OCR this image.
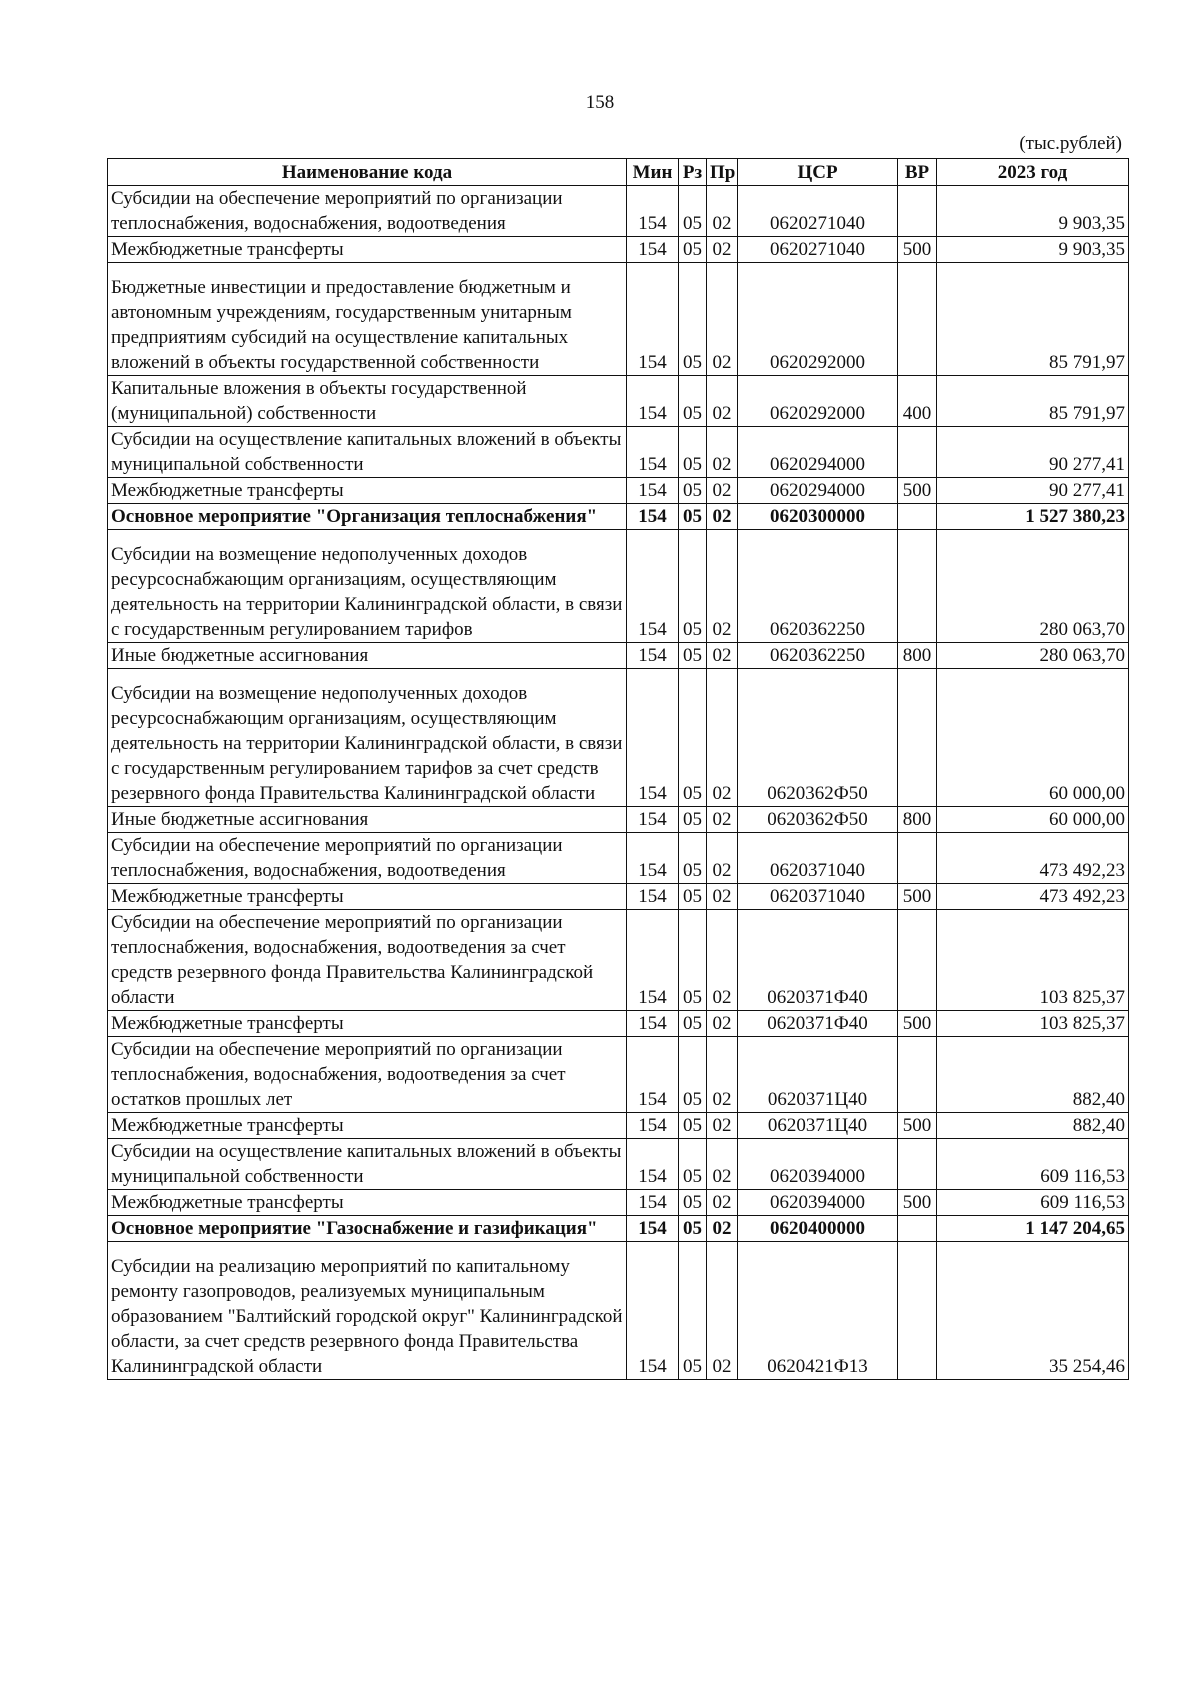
158
(тыс.рублей)
Наименование кода	Мин	Рз	Пр	ЦСР	ВР	2023 год
Субсидии на обеспечение мероприятий по организации теплоснабжения, водоснабжения, водоотведения	154	05	02	0620271040		9 903,35
Межбюджетные трансферты	154	05	02	0620271040	500	9 903,35
Бюджетные инвестиции и предоставление бюджетным и автономным учреждениям, государственным унитарным предприятиям субсидий на осуществление капитальных вложений в объекты государственной собственности	154	05	02	0620292000		85 791,97
Капитальные вложения в объекты государственной (муниципальной) собственности	154	05	02	0620292000	400	85 791,97
Субсидии на осуществление капитальных вложений в объекты муниципальной собственности	154	05	02	0620294000		90 277,41
Межбюджетные трансферты	154	05	02	0620294000	500	90 277,41
Основное мероприятие "Организация теплоснабжения"	154	05	02	0620300000		1 527 380,23
Субсидии на возмещение недополученных доходов ресурсоснабжающим организациям, осуществляющим деятельность на территории Калининградской области, в связи с государственным регулированием тарифов	154	05	02	0620362250		280 063,70
Иные бюджетные ассигнования	154	05	02	0620362250	800	280 063,70
Субсидии на возмещение недополученных доходов ресурсоснабжающим организациям, осуществляющим деятельность на территории Калининградской области, в связи с государственным регулированием тарифов за счет средств резервного фонда Правительства Калининградской области	154	05	02	0620362Ф50		60 000,00
Иные бюджетные ассигнования	154	05	02	0620362Ф50	800	60 000,00
Субсидии на обеспечение мероприятий по организации теплоснабжения, водоснабжения, водоотведения	154	05	02	0620371040		473 492,23
Межбюджетные трансферты	154	05	02	0620371040	500	473 492,23
Субсидии на обеспечение мероприятий по организации теплоснабжения, водоснабжения, водоотведения за счет средств резервного фонда Правительства Калининградской области	154	05	02	0620371Ф40		103 825,37
Межбюджетные трансферты	154	05	02	0620371Ф40	500	103 825,37
Субсидии на обеспечение мероприятий по организации теплоснабжения, водоснабжения, водоотведения за счет остатков прошлых лет	154	05	02	0620371Ц40		882,40
Межбюджетные трансферты	154	05	02	0620371Ц40	500	882,40
Субсидии на осуществление капитальных вложений в объекты муниципальной собственности	154	05	02	0620394000		609 116,53
Межбюджетные трансферты	154	05	02	0620394000	500	609 116,53
Основное мероприятие "Газоснабжение и газификация"	154	05	02	0620400000		1 147 204,65
Субсидии на реализацию мероприятий по капитальному ремонту газопроводов, реализуемых муниципальным образованием "Балтийский городской округ" Калининградской области, за счет средств резервного фонда Правительства Калининградской области	154	05	02	0620421Ф13		35 254,46
